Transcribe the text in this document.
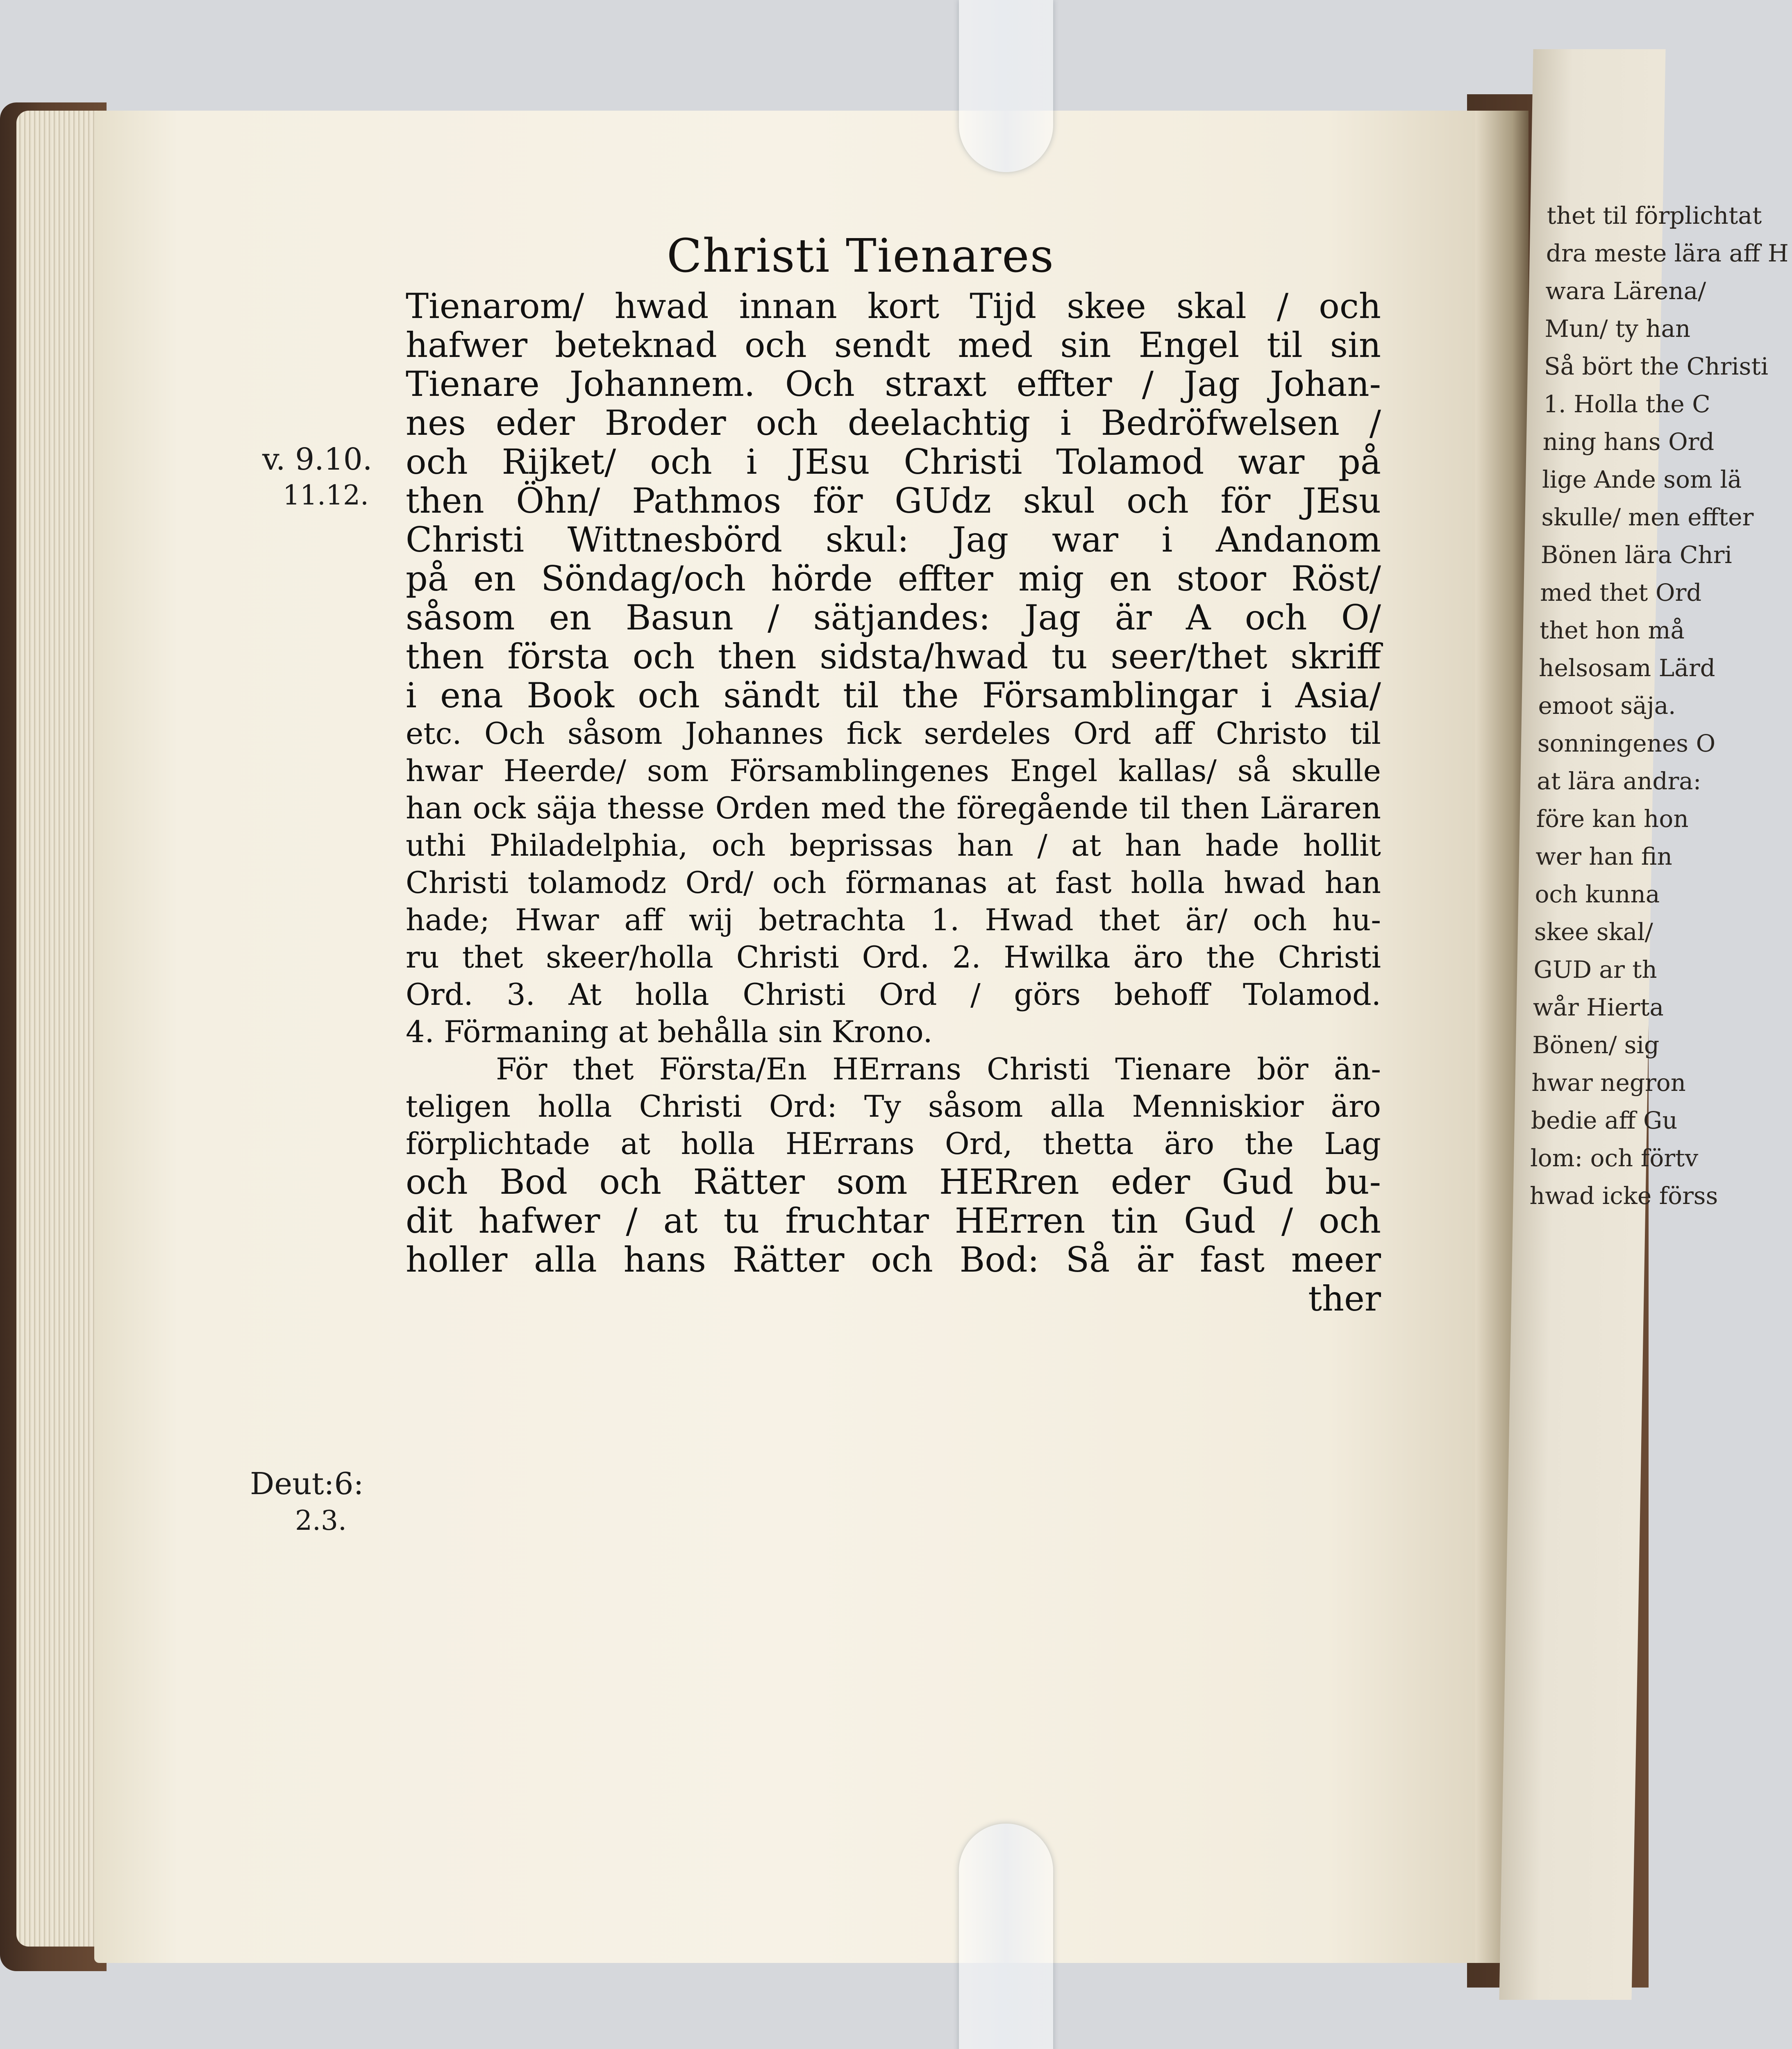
thet til förplichtat
dra meste lära aff H
wara Lärena/
Mun/ ty han
Så bört the Christi
1. Holla the C
ning hans Ord
lige Ande som lä
skulle/ men effter
Bönen lära Chri
med thet Ord
thet hon må
helsosam Lärd
emoot säja.
sonningenes O
at lära andra:
före kan hon
wer han fin
och kunna
skee skal/
GUD ar th
wår Hierta
Bönen/ sig
hwar negron
bedie aff Gu
lom: och förtv
hwad icke förss
Christi Tienares
v. 9.10.
11.12.
Deut:6:
2.3.
Tienarom/ hwad innan kort Tijd skee skal / och
hafwer beteknad och sendt med sin Engel til sin
Tienare Johannem. Och straxt effter / Jag Johan-
nes eder Broder och deelachtig i Bedröfwelsen /
och Rijket/ och i JEsu Christi Tolamod war på
then Öhn/ Pathmos för GUdz skul och för JEsu
Christi Wittnesbörd skul: Jag war i Andanom
på en Söndag/och hörde effter mig en stoor Röst/
såsom en Basun / sätjandes: Jag är A och O/
then första och then sidsta/hwad tu seer/thet skriff
i ena Book och sändt til the Församblingar i Asia/
etc. Och såsom Johannes fick serdeles Ord aff Christo til
hwar Heerde/ som Församblingenes Engel kallas/ så skulle
han ock säja thesse Orden med the föregående til then Läraren
uthi Philadelphia, och beprissas han / at han hade hollit
Christi tolamodz Ord/ och förmanas at fast holla hwad han
hade; Hwar aff wij betrachta 1. Hwad thet är/ och hu-
ru thet skeer/holla Christi Ord. 2. Hwilka äro the Christi
Ord. 3. At holla Christi Ord / görs behoff Tolamod.
4. Förmaning at behålla sin Krono.
För thet Första/En HErrans Christi Tienare bör än-
teligen holla Christi Ord: Ty såsom alla Menniskior äro
förplichtade at holla HErrans Ord, thetta äro the Lag
och Bod och Rätter som HERren eder Gud bu-
dit hafwer / at tu fruchtar HErren tin Gud / och
holler alla hans Rätter och Bod: Så är fast meer
ther
